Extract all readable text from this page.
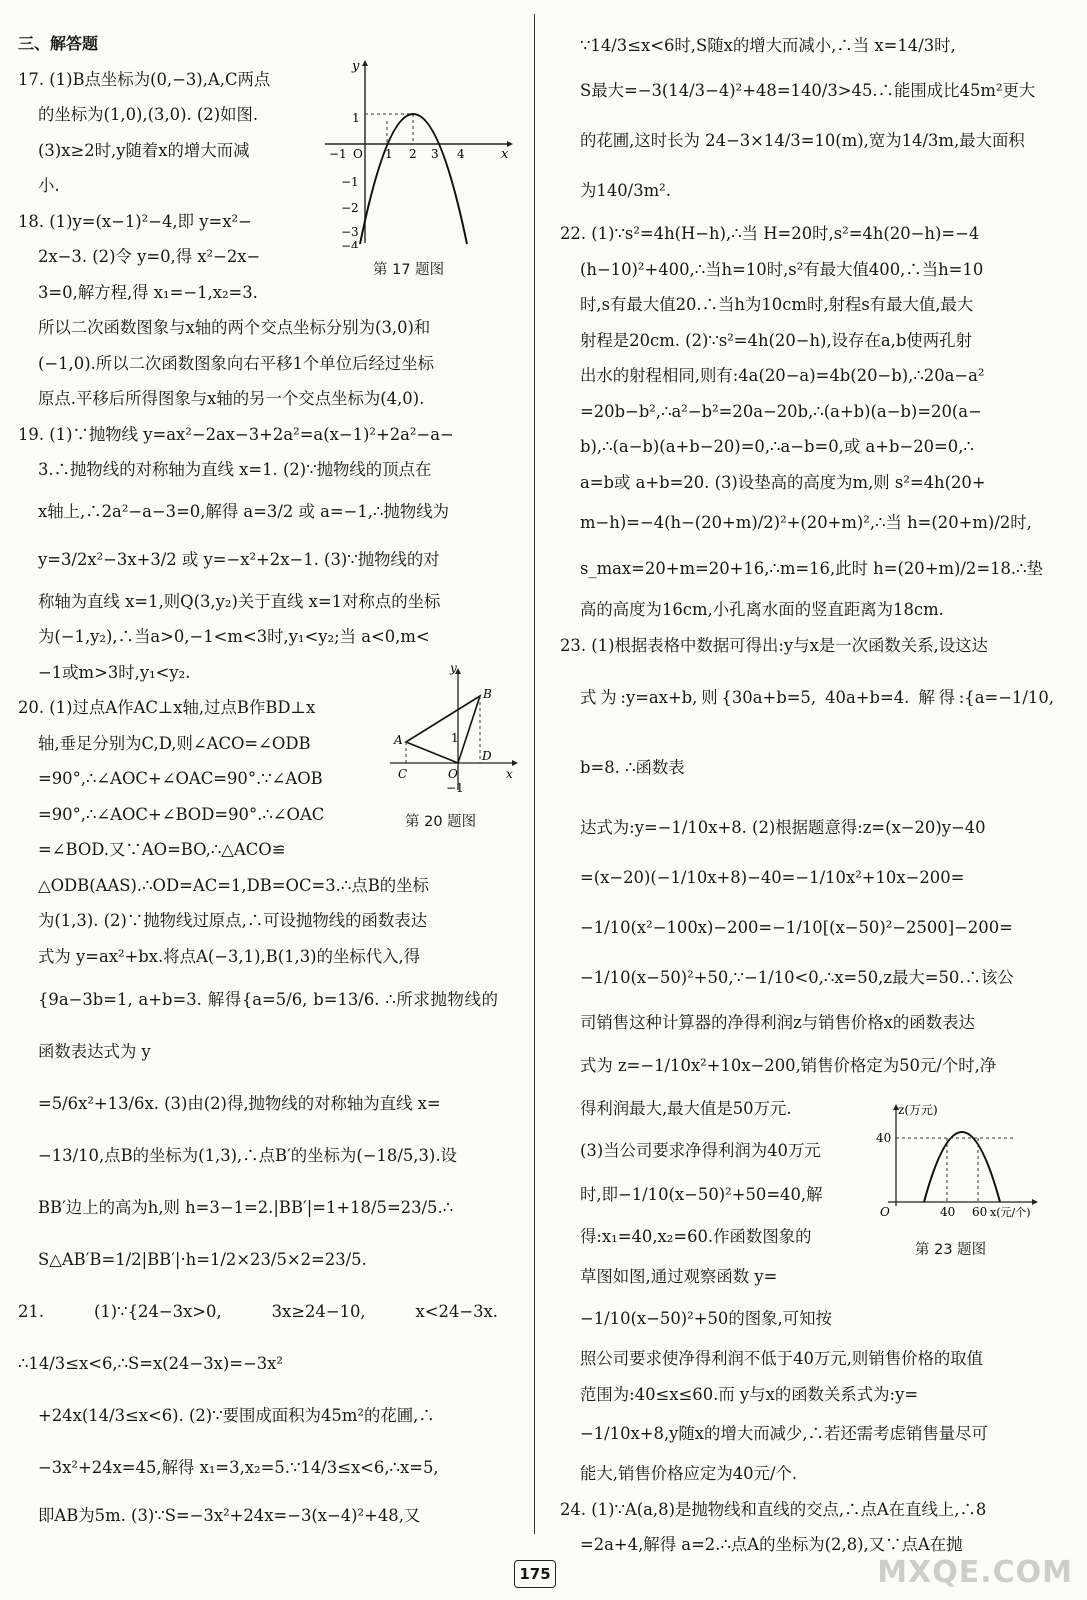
三、解答题

17. (1)B点坐标为(0,−3),A,C两点

的坐标为(1,0),(3,0). (2)如图.

(3)x≥2时,y随着x的增大而减

小.

18. (1)y=(x−1)²−4,即 y=x²−

2x−3. (2)令 y=0,得 x²−2x−

3=0,解方程,得 x₁=−1,x₂=3.

所以二次函数图象与x轴的两个交点坐标分别为(3,0)和

(−1,0).所以二次函数图象向右平移1个单位后经过坐标

原点.平移后所得图象与x轴的另一个交点坐标为(4,0).

19. (1)∵抛物线 y=ax²−2ax−3+2a²=a(x−1)²+2a²−a−

3.∴抛物线的对称轴为直线 x=1. (2)∵抛物线的顶点在

x轴上,∴2a²−a−3=0,解得 a=3/2 或 a=−1,∴抛物线为

y=3/2x²−3x+3/2 或 y=−x²+2x−1. (3)∵抛物线的对

称轴为直线 x=1,则Q(3,y₂)关于直线 x=1对称点的坐标

为(−1,y₂),∴当a>0,−1<m<3时,y₁<y₂;当 a<0,m<

−1或m>3时,y₁<y₂.

20. (1)过点A作AC⊥x轴,过点B作BD⊥x

轴,垂足分别为C,D,则∠ACO=∠ODB

=90°,∴∠AOC+∠OAC=90°.∵∠AOB

=90°,∴∠AOC+∠BOD=90°.∴∠OAC

=∠BOD.又∵AO=BO,∴△ACO≌

△ODB(AAS).∴OD=AC=1,DB=OC=3.∴点B的坐标

为(1,3). (2)∵抛物线过原点,∴可设抛物线的函数表达

式为 y=ax²+bx.将点A(−3,1),B(1,3)的坐标代入,得

{9a−3b=1, a+b=3. 解得{a=5/6, b=13/6. ∴所求抛物线的函数表达式为 y

=5/6x²+13/6x. (3)由(2)得,抛物线的对称轴为直线 x=

−13/10,点B的坐标为(1,3),∴点B′的坐标为(−18/5,3).设

BB′边上的高为h,则 h=3−1=2.|BB′|=1+18/5=23/5.∴

S△AB′B=1/2|BB′|·h=1/2×23/5×2=23/5.

21. (1)∵{24−3x>0, 3x≥24−10, x<24−3x. ∴14/3≤x<6,∴S=x(24−3x)=−3x²

+24x(14/3≤x<6). (2)∵要围成面积为45m²的花圃,∴

−3x²+24x=45,解得 x₁=3,x₂=5.∵14/3≤x<6,∴x=5,

即AB为5m. (3)∵S=−3x²+24x=−3(x−4)²+48,又

y
x
−1 O 1 2 3 4
1
−1
−2
−3
−4
第 17 题图
y
B
A
C	O
D
x
1
−1
第 20 题图

∵14/3≤x<6时,S随x的增大而减小,∴当 x=14/3时,

S最大=−3(14/3−4)²+48=140/3>45.∴能围成比45m²更大

的花圃,这时长为 24−3×14/3=10(m),宽为14/3m,最大面积

为140/3m².

22. (1)∵s²=4h(H−h),∴当 H=20时,s²=4h(20−h)=−4

(h−10)²+400,∴当h=10时,s²有最大值400,∴当h=10

时,s有最大值20.∴当h为10cm时,射程s有最大值,最大

射程是20cm. (2)∵s²=4h(20−h),设存在a,b使两孔射

出水的射程相同,则有:4a(20−a)=4b(20−b),∴20a−a²

=20b−b²,∴a²−b²=20a−20b,∴(a+b)(a−b)=20(a−

b),∴(a−b)(a+b−20)=0,∴a−b=0,或 a+b−20=0,∴

a=b或 a+b=20. (3)设垫高的高度为m,则 s²=4h(20+

m−h)=−4(h−(20+m)/2)²+(20+m)²,∴当 h=(20+m)/2时,

s_max=20+m=20+16,∴m=16,此时 h=(20+m)/2=18.∴垫

高的高度为16cm,小孔离水面的竖直距离为18cm.

23. (1)根据表格中数据可得出:y与x是一次函数关系,设这达

式为:y=ax+b,则{30a+b=5, 40a+b=4. 解得:{a=−1/10, b=8. ∴函数表

达式为:y=−1/10x+8. (2)根据题意得:z=(x−20)y−40

=(x−20)(−1/10x+8)−40=−1/10x²+10x−200=

−1/10(x²−100x)−200=−1/10[(x−50)²−2500]−200=

−1/10(x−50)²+50,∵−1/10<0,∴x=50,z最大=50.∴该公

司销售这种计算器的净得利润z与销售价格x的函数表达

式为 z=−1/10x²+10x−200,销售价格定为50元/个时,净

得利润最大,最大值是50万元.

(3)当公司要求净得利润为40万元

时,即−1/10(x−50)²+50=40,解

得:x₁=40,x₂=60.作函数图象的

草图如图,通过观察函数 y=

−1/10(x−50)²+50的图象,可知按

照公司要求使净得利润不低于40万元,则销售价格的取值

范围为:40≤x≤60.而 y与x的函数关系式为:y=

−1/10x+8,y随x的增大而减少,∴若还需考虑销售量尽可

能大,销售价格应定为40元/个.

24. (1)∵A(a,8)是抛物线和直线的交点,∴点A在直线上,∴8

=2a+4,解得 a=2.∴点A的坐标为(2,8),又∵点A在抛

z(万元)
40
O	40 60 x(元/个)
第 23 题图
175	MXQE.COM
